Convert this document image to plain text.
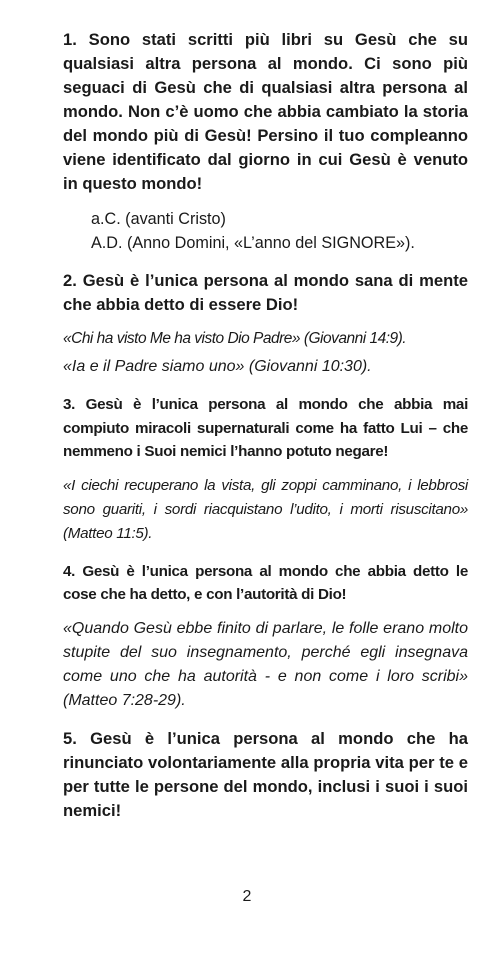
1. Sono stati scritti più libri su Gesù che su qualsiasi altra persona al mondo. Ci sono più seguaci di Gesù che di qualsiasi altra persona al mondo. Non c’è uomo che abbia cambiato la storia del mondo più di Gesù! Persino il tuo compleanno viene identificato dal giorno in cui Gesù è venuto in questo mondo!

a.C. (avanti Cristo)
A.D. (Anno Domini, «L’anno del SIGNORE»).

2. Gesù è l’unica persona al mondo sana di mente che abbia detto di essere Dio!

«Chi ha visto Me ha visto Dio Padre» (Giovanni 14:9).

«Ia e il Padre siamo uno» (Giovanni 10:30).

3. Gesù è l’unica persona al mondo che abbia mai compiuto miracoli supernaturali come ha fatto Lui – che nemmeno i Suoi nemici l’hanno potuto negare!

«I ciechi recuperano la vista, gli zoppi camminano, i lebbrosi sono guariti, i sordi riacquistano l’udito, i morti risuscitano» (Matteo 11:5).

4. Gesù è l’unica persona al mondo che abbia detto le cose che ha detto, e con l’autorità di Dio!

«Quando Gesù ebbe finito di parlare, le folle erano molto stupite del suo insegnamento, perché egli insegnava come uno che ha autorità - e non come i loro scribi» (Matteo 7:28-29).

5. Gesù è l’unica persona al mondo che ha rinunciato volontariamente alla propria vita per te e per tutte le persone del mondo, inclusi i suoi i suoi nemici!

2
